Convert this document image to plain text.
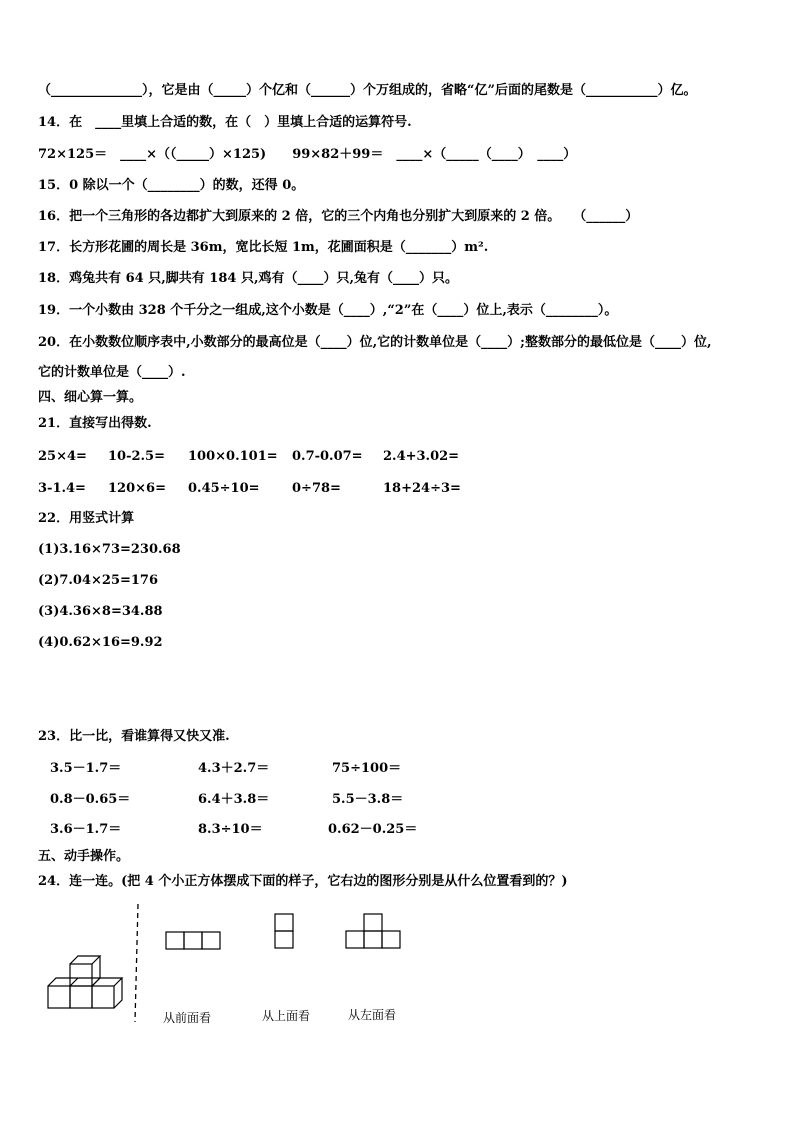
（______________），它是由（_____）个亿和（______）个万组成的，省略“亿”后面的尾数是（___________）亿。
14．在　____里填上合适的数，在（　）里填上合适的运算符号.
72×125＝　____×（（_____）×125)　　99×82＋99＝　____×（_____（____）　____）
15．0 除以一个（________）的数，还得 0。
16．把一个三角形的各边都扩大到原来的 2 倍，它的三个内角也分别扩大到原来的 2 倍。　　（______）
17．长方形花圃的周长是 36m，宽比长短 1m，花圃面积是（_______）m².
18．鸡兔共有 64 只,脚共有 184 只,鸡有（____）只,兔有（____）只。
19．一个小数由 328 个千分之一组成,这个小数是（____）,“2”在（____）位上,表示（________）。
20．在小数数位顺序表中,小数部分的最高位是（____）位,它的计数单位是（____）;整数部分的最低位是（____）位,
它的计数单位是（____）.
四、细心算一算。
21．直接写出得数.
25×4= 10-2.5= 100×0.101= 0.7-0.07= 2.4+3.02=
3-1.4= 120×6= 0.45÷10= 0÷78=	18+24÷3=
22．用竖式计算
(1)3.16×73=230.68
(2)7.04×25=176
(3)4.36×8=34.88
(4)0.62×16=9.92
23．比一比，看谁算得又快又准.
3.5－1.7＝	4.3＋2.7＝	75÷100＝
0.8－0.65＝	6.4＋3.8＝	5.5－3.8＝
3.6－1.7＝	8.3÷10＝	0.62－0.25＝
五、动手操作。
24．连一连。(把 4 个小正方体摆成下面的样子，它右边的图形分别是从什么位置看到的？)
从前面看	从上面看	从左面看
